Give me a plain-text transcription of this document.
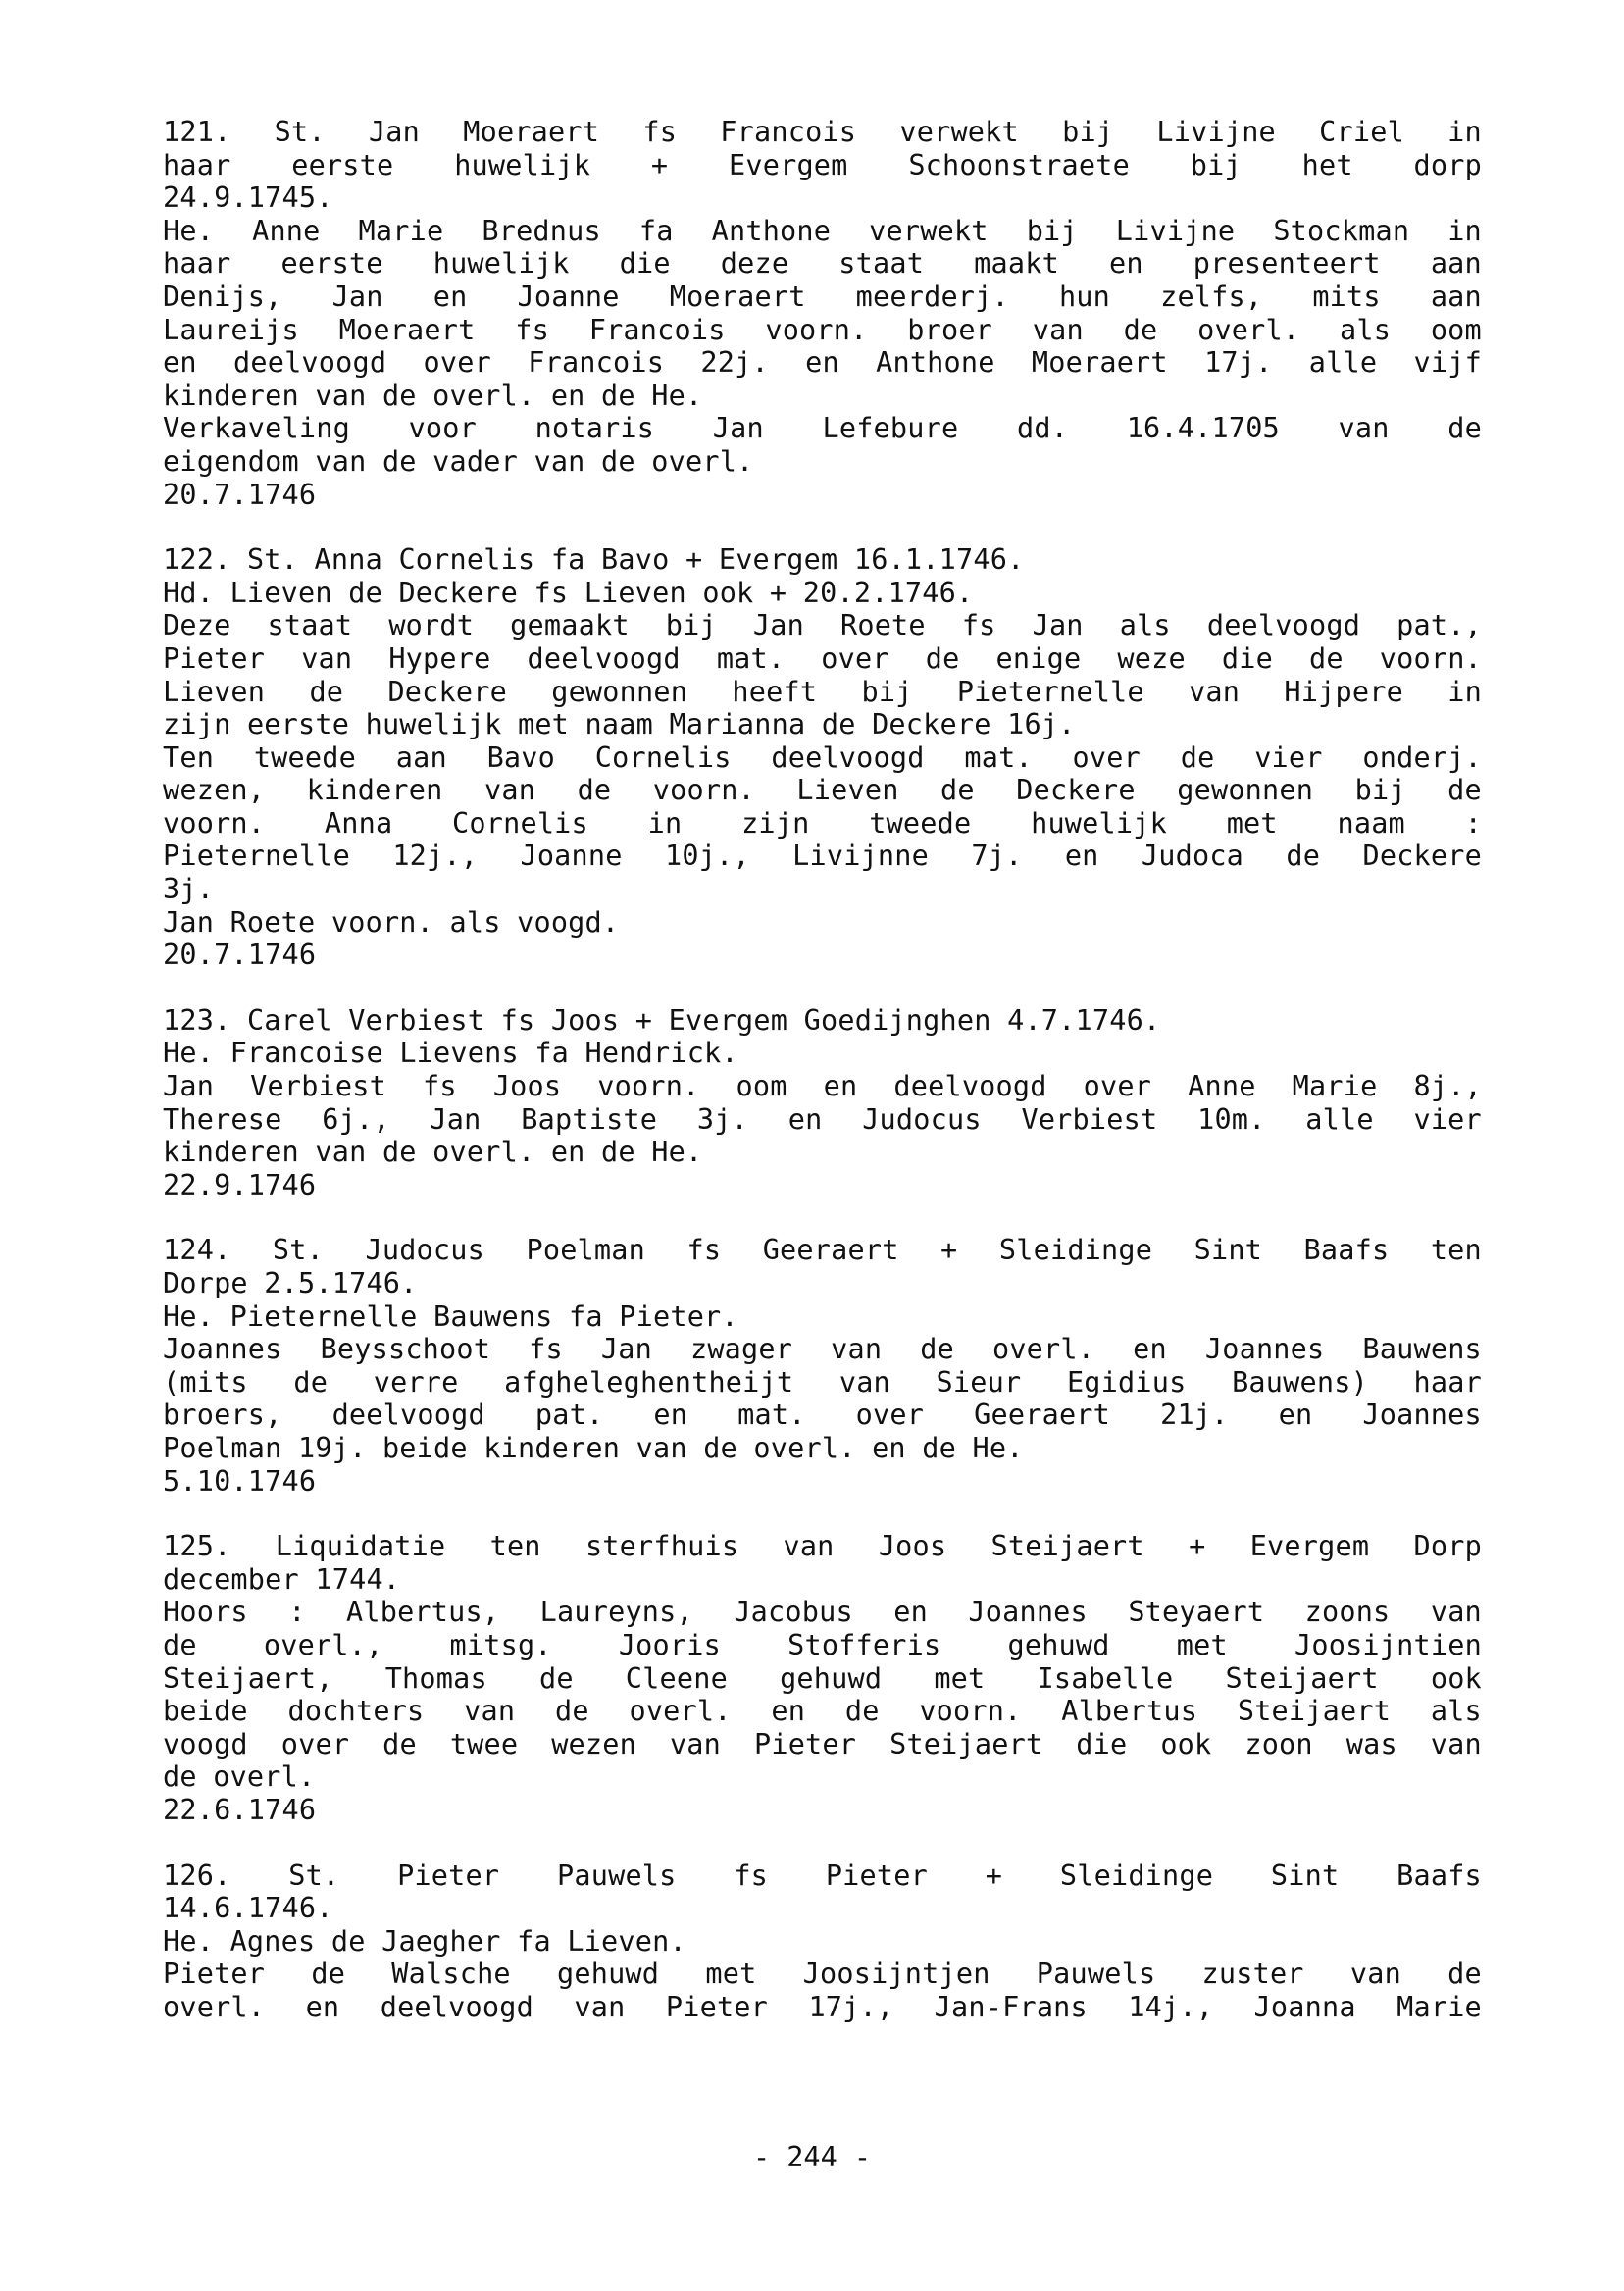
121. St. Jan Moeraert fs Francois verwekt bij Livijne Criel in
haar eerste huwelijk + Evergem Schoonstraete bij het dorp
24.9.1745.
He. Anne Marie Brednus fa Anthone verwekt bij Livijne Stockman in
haar eerste huwelijk die deze staat maakt en presenteert aan
Denijs, Jan en Joanne Moeraert meerderj. hun zelfs, mits aan
Laureijs Moeraert fs Francois voorn. broer van de overl. als oom
en deelvoogd over Francois 22j. en Anthone Moeraert 17j. alle vijf
kinderen van de overl. en de He.
Verkaveling voor notaris Jan Lefebure dd. 16.4.1705 van de
eigendom van de vader van de overl.
20.7.1746
122. St. Anna Cornelis fa Bavo + Evergem 16.1.1746.
Hd. Lieven de Deckere fs Lieven ook + 20.2.1746.
Deze staat wordt gemaakt bij Jan Roete fs Jan als deelvoogd pat.,
Pieter van Hypere deelvoogd mat. over de enige weze die de voorn.
Lieven de Deckere gewonnen heeft bij Pieternelle van Hijpere in
zijn eerste huwelijk met naam Marianna de Deckere 16j.
Ten tweede aan Bavo Cornelis deelvoogd mat. over de vier onderj.
wezen, kinderen van de voorn. Lieven de Deckere gewonnen bij de
voorn. Anna Cornelis in zijn tweede huwelijk met naam :
Pieternelle 12j., Joanne 10j., Livijnne 7j. en Judoca de Deckere
3j.
Jan Roete voorn. als voogd.
20.7.1746
123. Carel Verbiest fs Joos + Evergem Goedijnghen 4.7.1746.
He. Francoise Lievens fa Hendrick.
Jan Verbiest fs Joos voorn. oom en deelvoogd over Anne Marie 8j.,
Therese 6j., Jan Baptiste 3j. en Judocus Verbiest 10m. alle vier
kinderen van de overl. en de He.
22.9.1746
124. St. Judocus Poelman fs Geeraert + Sleidinge Sint Baafs ten
Dorpe 2.5.1746.
He. Pieternelle Bauwens fa Pieter.
Joannes Beysschoot fs Jan zwager van de overl. en Joannes Bauwens
(mits de verre afgheleghentheijt van Sieur Egidius Bauwens) haar
broers, deelvoogd pat. en mat. over Geeraert 21j. en Joannes
Poelman 19j. beide kinderen van de overl. en de He.
5.10.1746
125. Liquidatie ten sterfhuis van Joos Steijaert + Evergem Dorp
december 1744.
Hoors : Albertus, Laureyns, Jacobus en Joannes Steyaert zoons van
de overl., mitsg. Jooris Stofferis gehuwd met Joosijntien
Steijaert, Thomas de Cleene gehuwd met Isabelle Steijaert ook
beide dochters van de overl. en de voorn. Albertus Steijaert als
voogd over de twee wezen van Pieter Steijaert die ook zoon was van
de overl.
22.6.1746
126. St. Pieter Pauwels fs Pieter + Sleidinge Sint Baafs
14.6.1746.
He. Agnes de Jaegher fa Lieven.
Pieter de Walsche gehuwd met Joosijntjen Pauwels zuster van de
overl. en deelvoogd van Pieter 17j., Jan-Frans 14j., Joanna Marie
- 244 -
